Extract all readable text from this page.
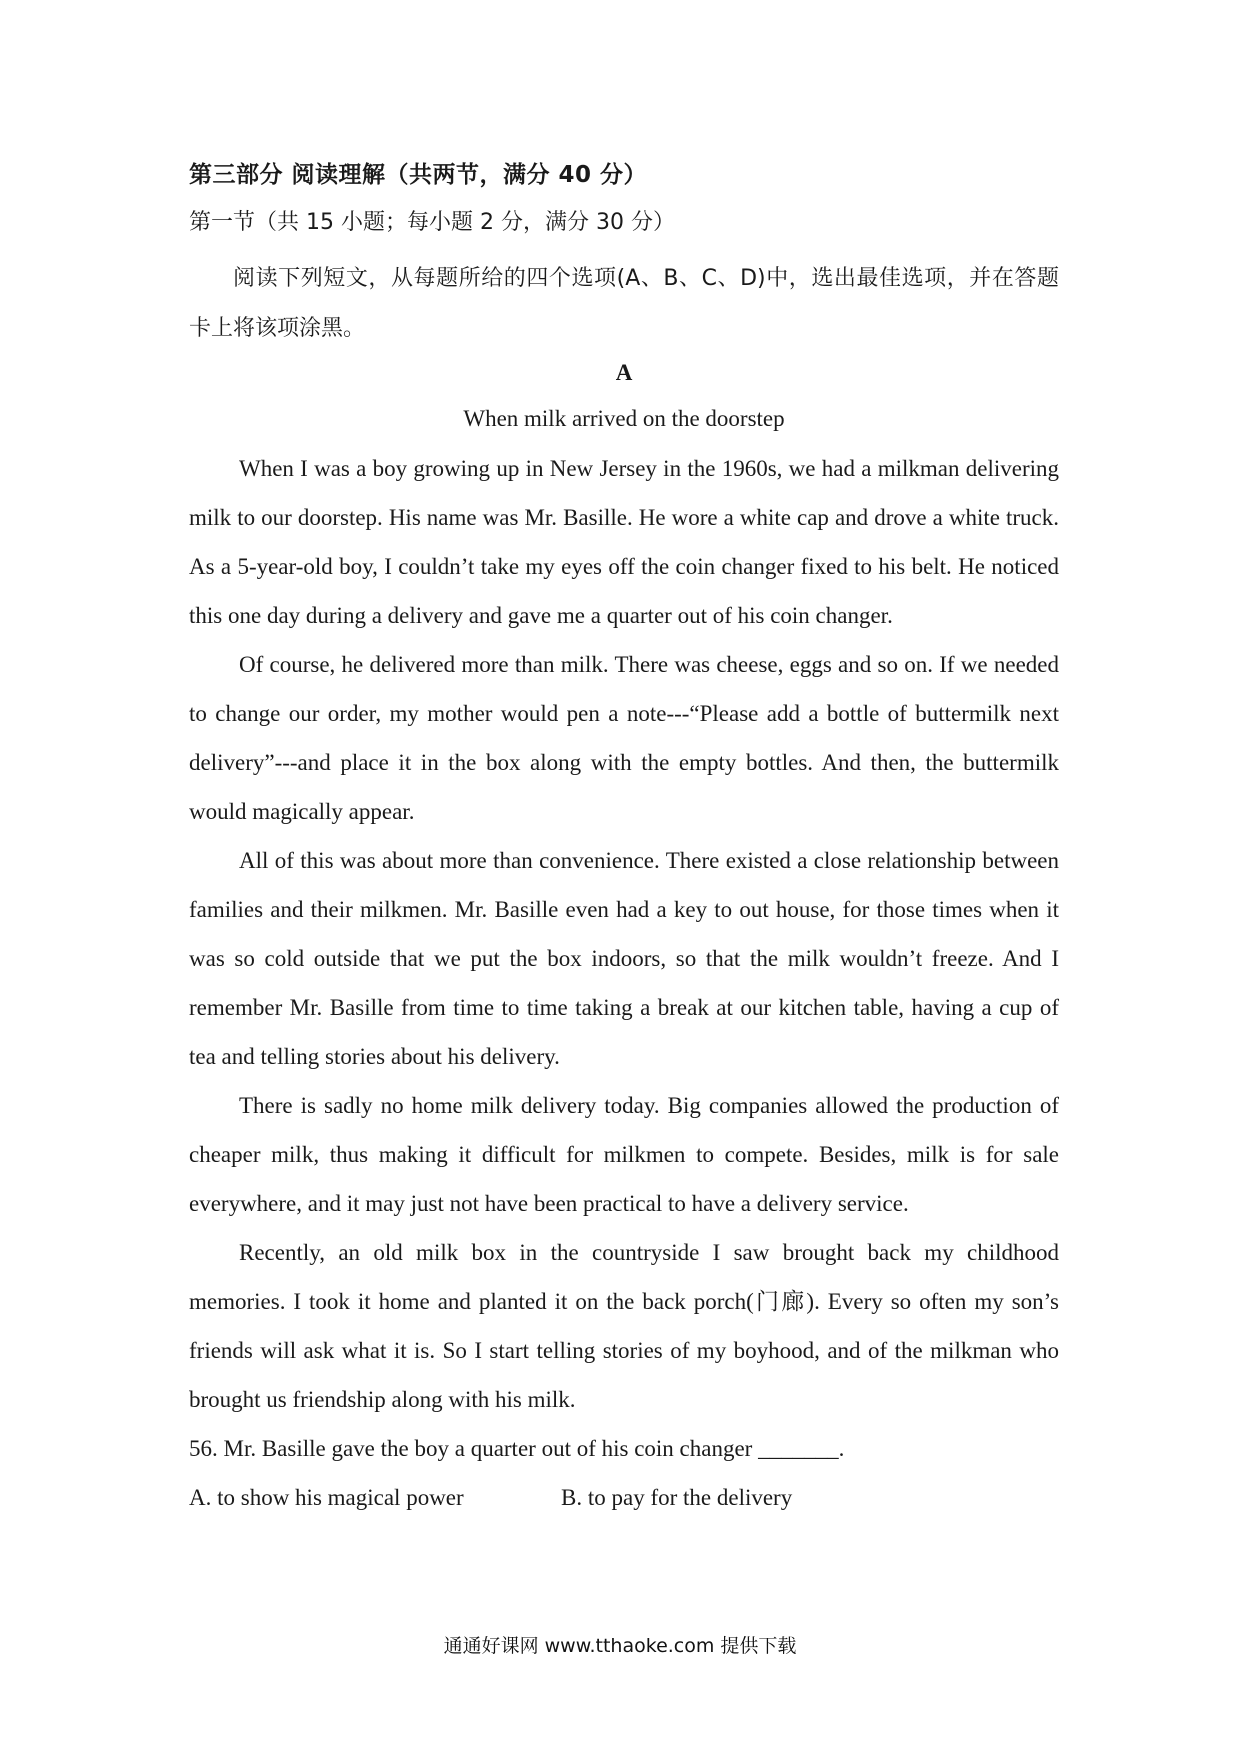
第三部分 阅读理解（共两节，满分 40 分）
第一节（共 15 小题；每小题 2 分，满分 30 分）

阅读下列短文，从每题所给的四个选项(A、B、C、D)中，选出最佳选项，并在答题卡上将该项涂黑。

A
When milk arrived on the doorstep

When I was a boy growing up in New Jersey in the 1960s, we had a milkman delivering milk to our doorstep. His name was Mr. Basille. He wore a white cap and drove a white truck. As a 5-year-old boy, I couldn’t take my eyes off the coin changer fixed to his belt. He noticed this one day during a delivery and gave me a quarter out of his coin changer.

Of course, he delivered more than milk. There was cheese, eggs and so on. If we needed to change our order, my mother would pen a note---“Please add a bottle of buttermilk next delivery”---and place it in the box along with the empty bottles. And then, the buttermilk would magically appear.

All of this was about more than convenience. There existed a close relationship between families and their milkmen. Mr. Basille even had a key to out house, for those times when it was so cold outside that we put the box indoors, so that the milk wouldn’t freeze. And I remember Mr. Basille from time to time taking a break at our kitchen table, having a cup of tea and telling stories about his delivery.

There is sadly no home milk delivery today. Big companies allowed the production of cheaper milk, thus making it difficult for milkmen to compete. Besides, milk is for sale everywhere, and it may just not have been practical to have a delivery service.

Recently, an old milk box in the countryside I saw brought back my childhood memories. I took it home and planted it on the back porch(门廊). Every so often my son’s friends will ask what it is. So I start telling stories of my boyhood, and of the milkman who brought us friendship along with his milk.

56. Mr. Basille gave the boy a quarter out of his coin changer _______.
A. to show his magical power	B. to pay for the delivery
通通好课网 www.tthaoke.com 提供下载
